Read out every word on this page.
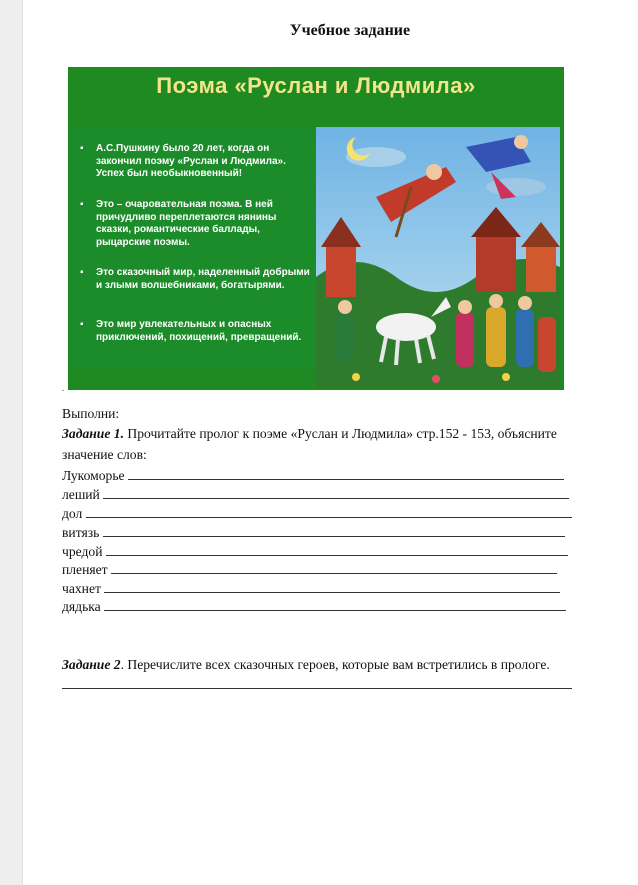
Учебное задание
Поэма «Руслан и Людмила»
▪ А.С.Пушкину было 20 лет, когда он закончил поэму «Руслан и Людмила». Успех был необыкновенный!
▪ Это – очаровательная поэма. В ней причудливо переплетаются нянины сказки, романтические баллады, рыцарские поэмы.
▪ Это сказочный мир, наделенный добрыми и злыми волшебниками, богатырями.
▪ Это мир увлекательных и опасных приключений, похищений, превращений.
.
Выполни:
Задание 1. Прочитайте пролог к поэме «Руслан и Людмила» стр.152 - 153, объясните
значение слов:
Лукоморье
леший
дол
витязь
чредой
пленяет
чахнет
дядька
Задание 2. Перечислите всех сказочных героев, которые вам встретились в прологе.
